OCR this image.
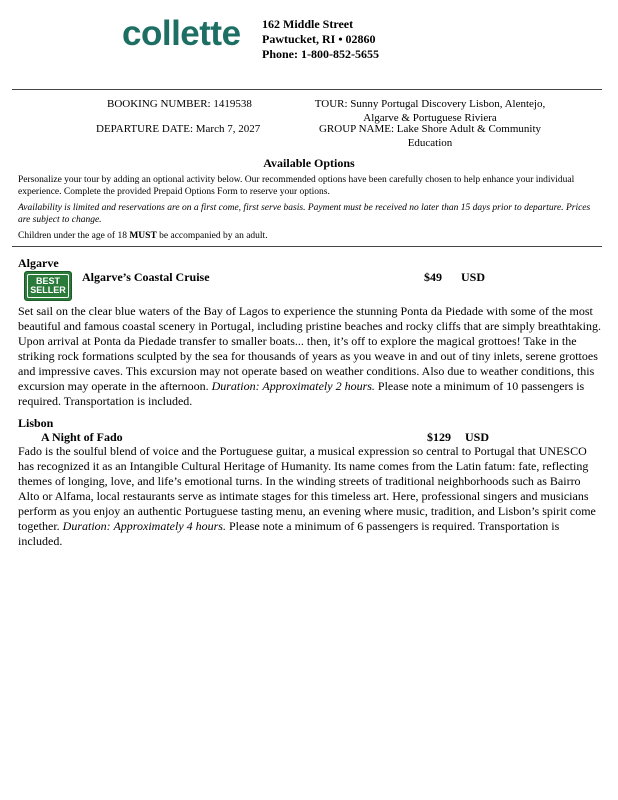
collette 162 Middle Street
Pawtucket, RI • 02860
Phone: 1-800-852-5655
BOOKING NUMBER: 1419538
DEPARTURE DATE: March 7, 2027
TOUR: Sunny Portugal Discovery Lisbon, Alentejo,
Algarve & Portuguese Riviera
GROUP NAME: Lake Shore Adult & Community
Education
Available Options
Personalize your tour by adding an optional activity below. Our recommended options have been carefully chosen to help enhance your individual experience. Complete the provided Prepaid Options Form to reserve your options.
Availability is limited and reservations are on a first come, first serve basis. Payment must be received no later than 15 days prior to departure. Prices are subject to change.
Children under the age of 18 MUST be accompanied by an adult.
Algarve
BEST
SELLER
Algarve’s Coastal Cruise	$49 USD
Set sail on the clear blue waters of the Bay of Lagos to experience the stunning Ponta da Piedade with some of the most beautiful and famous coastal scenery in Portugal, including pristine beaches and rocky cliffs that are simply breathtaking. Upon arrival at Ponta da Piedade transfer to smaller boats... then, it’s off to explore the magical grottoes! Take in the striking rock formations sculpted by the sea for thousands of years as you weave in and out of tiny inlets, serene grottoes and impressive caves. This excursion may not operate based on weather conditions. Also due to weather conditions, this excursion may operate in the afternoon. Duration: Approximately 2 hours. Please note a minimum of 10 passengers is required. Transportation is included.
Lisbon
A Night of Fado	$129 USD
Fado is the soulful blend of voice and the Portuguese guitar, a musical expression so central to Portugal that UNESCO has recognized it as an Intangible Cultural Heritage of Humanity. Its name comes from the Latin fatum: fate, reflecting themes of longing, love, and life’s emotional turns. In the winding streets of traditional neighborhoods such as Bairro Alto or Alfama, local restaurants serve as intimate stages for this timeless art. Here, professional singers and musicians perform as you enjoy an authentic Portuguese tasting menu, an evening where music, tradition, and Lisbon’s spirit come together. Duration: Approximately 4 hours. Please note a minimum of 6 passengers is required. Transportation is included.
